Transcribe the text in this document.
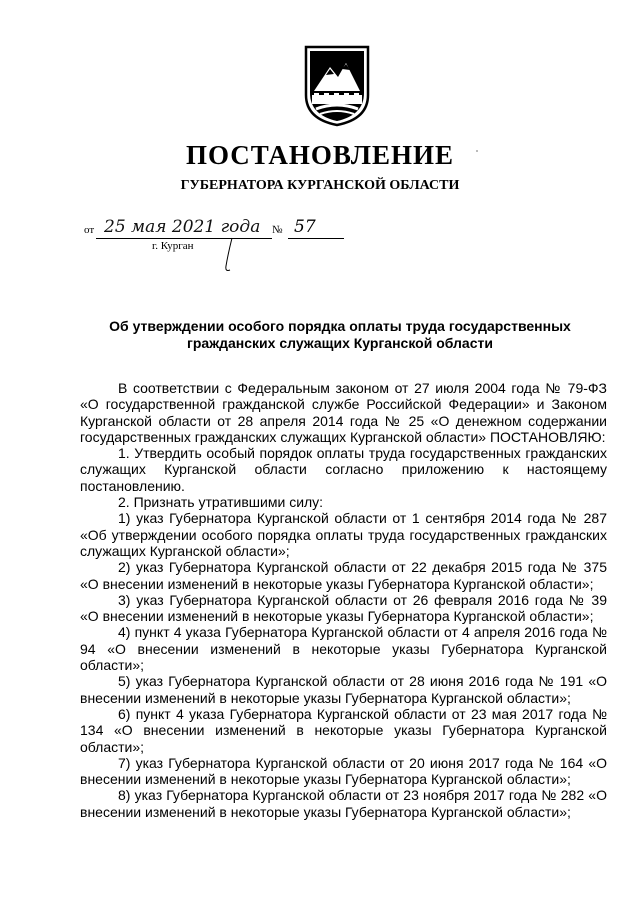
ПОСТАНОВЛЕНИЕ
ГУБЕРНАТОРА КУРГАНСКОЙ ОБЛАСТИ
от 25 мая 2021 года	№ 57
г. Курган
Об утверждении особого порядка оплаты труда государственных
гражданских служащих Курганской области

В соответствии с Федеральным законом от 27 июля 2004 года № 79-ФЗ «О государственной гражданской службе Российской Федерации» и Законом Курганской области от 28 апреля 2014 года № 25 «О денежном содержании государственных гражданских служащих Курганской области» ПОСТАНОВЛЯЮ:

1. Утвердить особый порядок оплаты труда государственных гражданских служащих Курганской области согласно приложению к настоящему постановлению.

2. Признать утратившими силу:

1) указ Губернатора Курганской области от 1 сентября 2014 года № 287 «Об утверждении особого порядка оплаты труда государственных гражданских служащих Курганской области»;

2) указ Губернатора Курганской области от 22 декабря 2015 года № 375 «О внесении изменений в некоторые указы Губернатора Курганской области»;

3) указ Губернатора Курганской области от 26 февраля 2016 года № 39 «О внесении изменений в некоторые указы Губернатора Курганской области»;

4) пункт 4 указа Губернатора Курганской области от 4 апреля 2016 года № 94 «О внесении изменений в некоторые указы Губернатора Курганской области»;

5) указ Губернатора Курганской области от 28 июня 2016 года № 191 «О внесении изменений в некоторые указы Губернатора Курганской области»;

6) пункт 4 указа Губернатора Курганской области от 23 мая 2017 года № 134 «О внесении изменений в некоторые указы Губернатора Курганской области»;

7) указ Губернатора Курганской области от 20 июня 2017 года № 164 «О внесении изменений в некоторые указы Губернатора Курганской области»;

8) указ Губернатора Курганской области от 23 ноября 2017 года № 282 «О внесении изменений в некоторые указы Губернатора Курганской области»;
